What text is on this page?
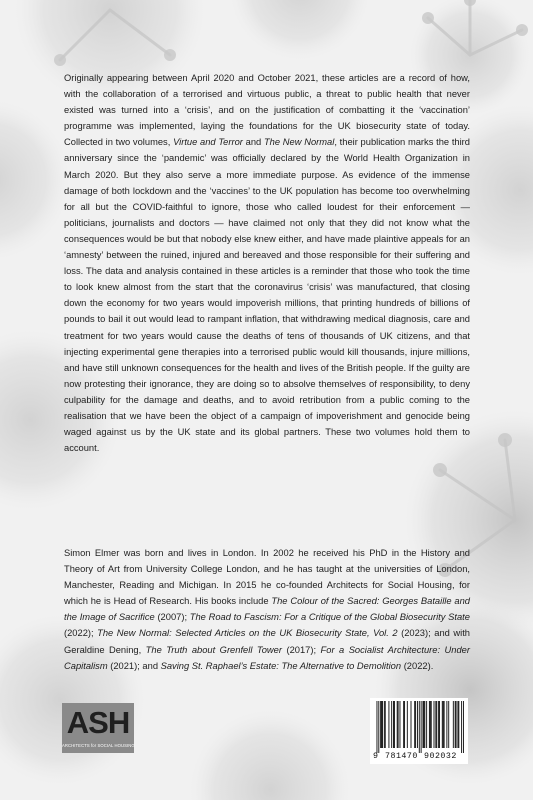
Originally appearing between April 2020 and October 2021, these articles are a record of how, with the collaboration of a terrorised and virtuous public, a threat to public health that never existed was turned into a ‘crisis’, and on the justification of combatting it the ‘vaccination’ programme was implemented, laying the foundations for the UK biosecurity state of today. Collected in two volumes, Virtue and Terror and The New Normal, their publication marks the third anniversary since the ‘pandemic’ was officially declared by the World Health Organization in March 2020. But they also serve a more immediate purpose. As evidence of the immense damage of both lockdown and the ‘vaccines’ to the UK population has become too overwhelming for all but the COVID-faithful to ignore, those who called loudest for their enforcement — politicians, journalists and doctors — have claimed not only that they did not know what the consequences would be but that nobody else knew either, and have made plaintive appeals for an ‘amnesty’ between the ruined, injured and bereaved and those responsible for their suffering and loss. The data and analysis contained in these articles is a reminder that those who took the time to look knew almost from the start that the coronavirus ‘crisis’ was manufactured, that closing down the economy for two years would impoverish millions, that printing hundreds of billions of pounds to bail it out would lead to rampant inflation, that withdrawing medical diagnosis, care and treatment for two years would cause the deaths of tens of thousands of UK citizens, and that injecting experimental gene therapies into a terrorised public would kill thousands, injure millions, and have still unknown consequences for the health and lives of the British people. If the guilty are now protesting their ignorance, they are doing so to absolve themselves of responsibility, to deny culpability for the damage and deaths, and to avoid retribution from a public coming to the realisation that we have been the object of a campaign of impoverishment and genocide being waged against us by the UK state and its global partners. These two volumes hold them to account.

Simon Elmer was born and lives in London. In 2002 he received his PhD in the History and Theory of Art from University College London, and he has taught at the universities of London, Manchester, Reading and Michigan. In 2015 he co-founded Architects for Social Housing, for which he is Head of Research. His books include The Colour of the Sacred: Georges Bataille and the Image of Sacrifice (2007); The Road to Fascism: For a Critique of the Global Biosecurity State (2022); The New Normal: Selected Articles on the UK Biosecurity State, Vol. 2 (2023); and with Geraldine Dening, The Truth about Grenfell Tower (2017); For a Socialist Architecture: Under Capitalism (2021); and Saving St. Raphael’s Estate: The Alternative to Demolition (2022).

ASH
ARCHITECTS for SOCIAL HOUSING
9 781470 902032
